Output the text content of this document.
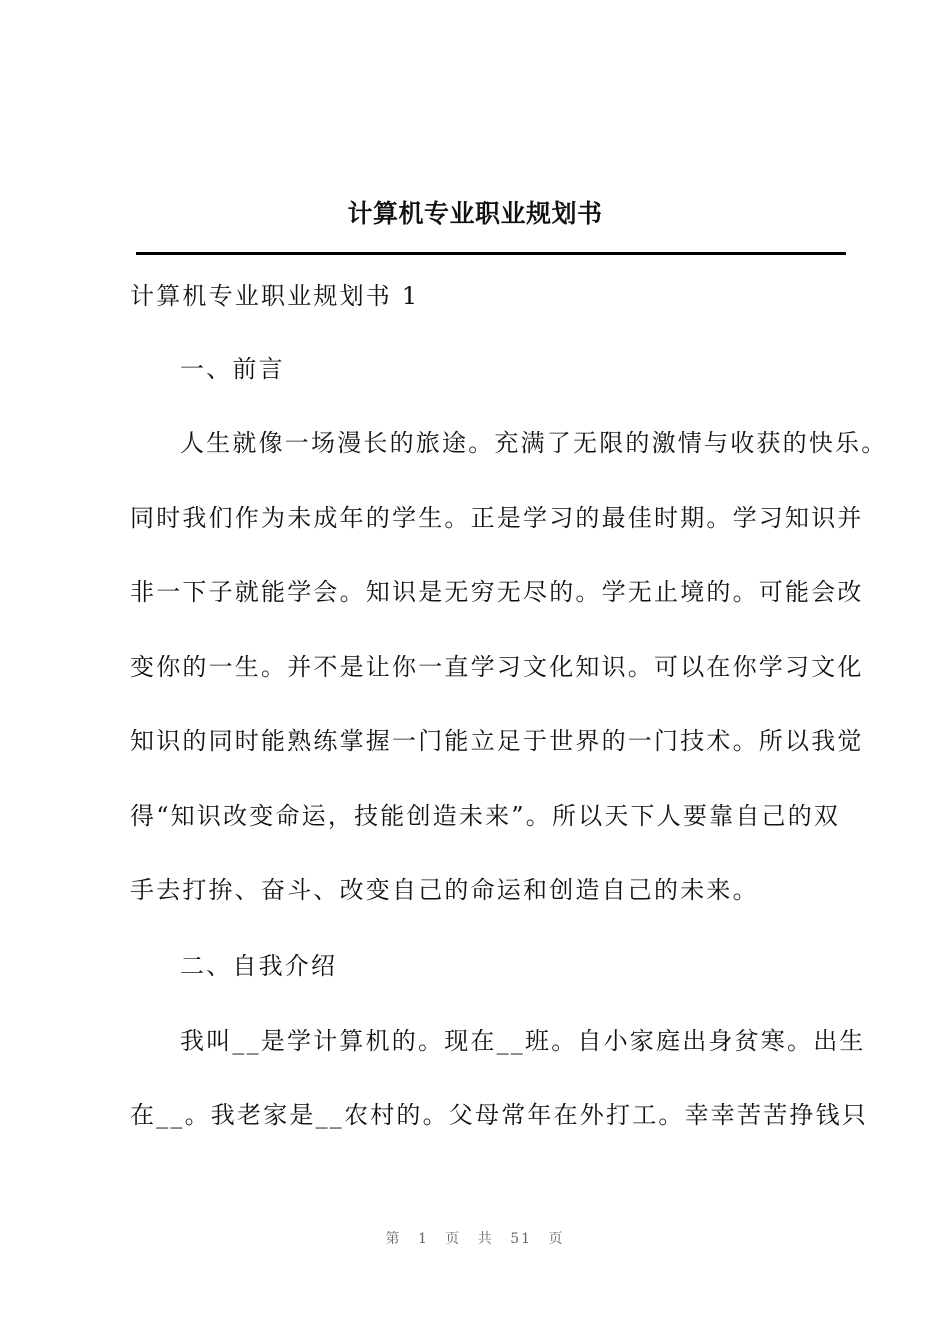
计算机专业职业规划书
计算机专业职业规划书 1
一、前言
人生就像一场漫长的旅途。充满了无限的激情与收获的快乐。
同时我们作为未成年的学生。正是学习的最佳时期。学习知识并
非一下子就能学会。知识是无穷无尽的。学无止境的。可能会改
变你的一生。并不是让你一直学习文化知识。可以在你学习文化
知识的同时能熟练掌握一门能立足于世界的一门技术。所以我觉
得“知识改变命运，技能创造未来”。所以天下人要靠自己的双
手去打拚、奋斗、改变自己的命运和创造自己的未来。
二、自我介绍
我叫__是学计算机的。现在__班。自小家庭出身贫寒。出生
在__。我老家是__农村的。父母常年在外打工。幸幸苦苦挣钱只
第 1 页 共 51 页
